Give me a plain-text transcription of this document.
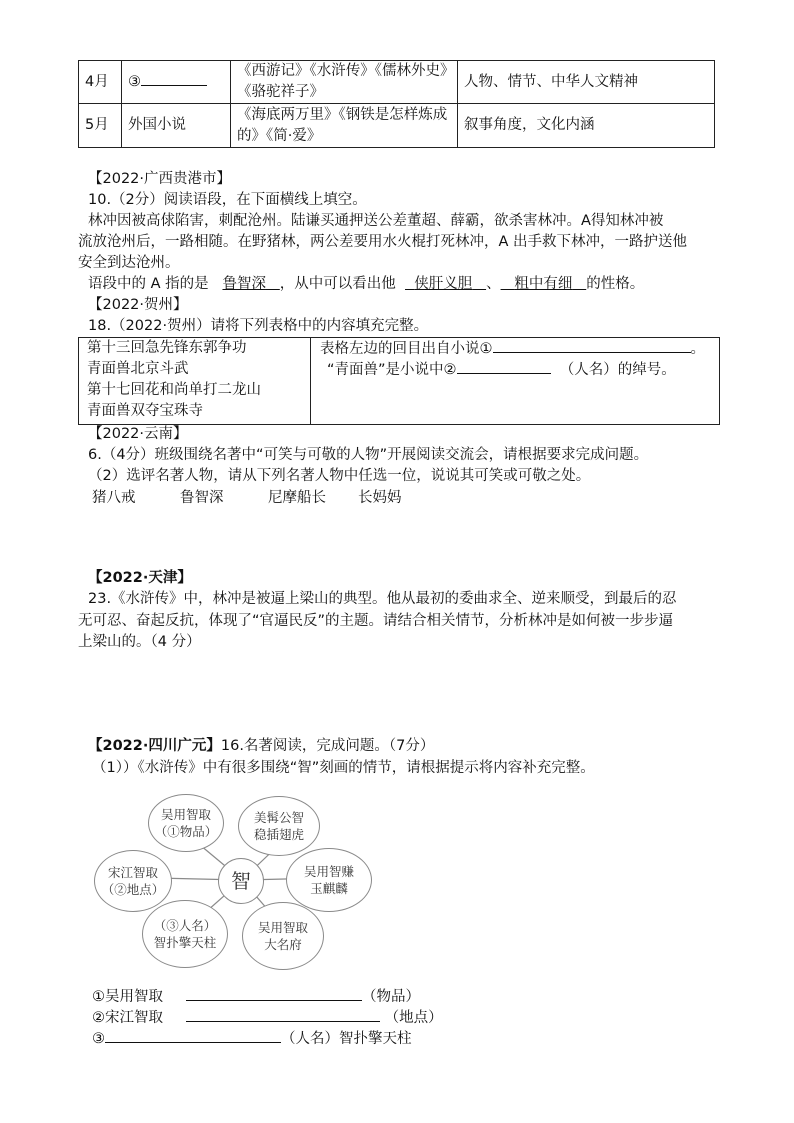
4月	③	《西游记》《水浒传》《儒林外史》《骆驼祥子》	人物、情节、中华人文精神
5月	外国小说	《海底两万里》《钢铁是怎样炼成的》《简·爱》	叙事角度，文化内涵
【2022·广西贵港市】
10.（2分）阅读语段，在下面横线上填空。
林冲因被高俅陷害，刺配沧州。陆谦买通押送公差董超、薛霸，欲杀害林冲。A得知林冲被
流放沧州后，一路相随。在野猪林，两公差要用水火棍打死林冲，A 出手救下林冲，一路护送他
安全到达沧州。
语段中的 A 指的是 鲁智深 ，从中可以看出他 侠肝义胆 、 粗中有细 的性格。
【2022·贺州】
18.（2022·贺州）请将下列表格中的内容填充完整。
第十三回急先锋东郭争功
青面兽北京斗武
第十七回花和尚单打二龙山
青面兽双夺宝珠寺
表格左边的回目出自小说①	。
“青面兽”是小说中②	（人名）的绰号。
【2022·云南】
6.（4分）班级围绕名著中“可笑与可敬的人物”开展阅读交流会，请根据要求完成问题。
（2）选评名著人物，请从下列名著人物中任选一位，说说其可笑或可敬之处。
猪八戒	鲁智深	尼摩船长 长妈妈
【2022·天津】
23.《水浒传》中，林冲是被逼上梁山的典型。他从最初的委曲求全、逆来顺受，到最后的忍
无可忍、奋起反抗，体现了“官逼民反”的主题。请结合相关情节，分析林冲是如何被一步步逼
上梁山的。（4 分）
【2022·四川广元】16.名著阅读，完成问题。（7分）
（1））《水浒传》中有很多围绕“智”刻画的情节，请根据提示将内容补充完整。
吴用智取
（①物品）
美髯公智
稳插翅虎
宋江智取
（②地点）
吴用智赚
玉麒麟
（③人名）
智扑擎天柱
吴用智取
大名府
智
①吴用智取	（物品）
②宋江智取	（地点）
③	（人名）智扑擎天柱
